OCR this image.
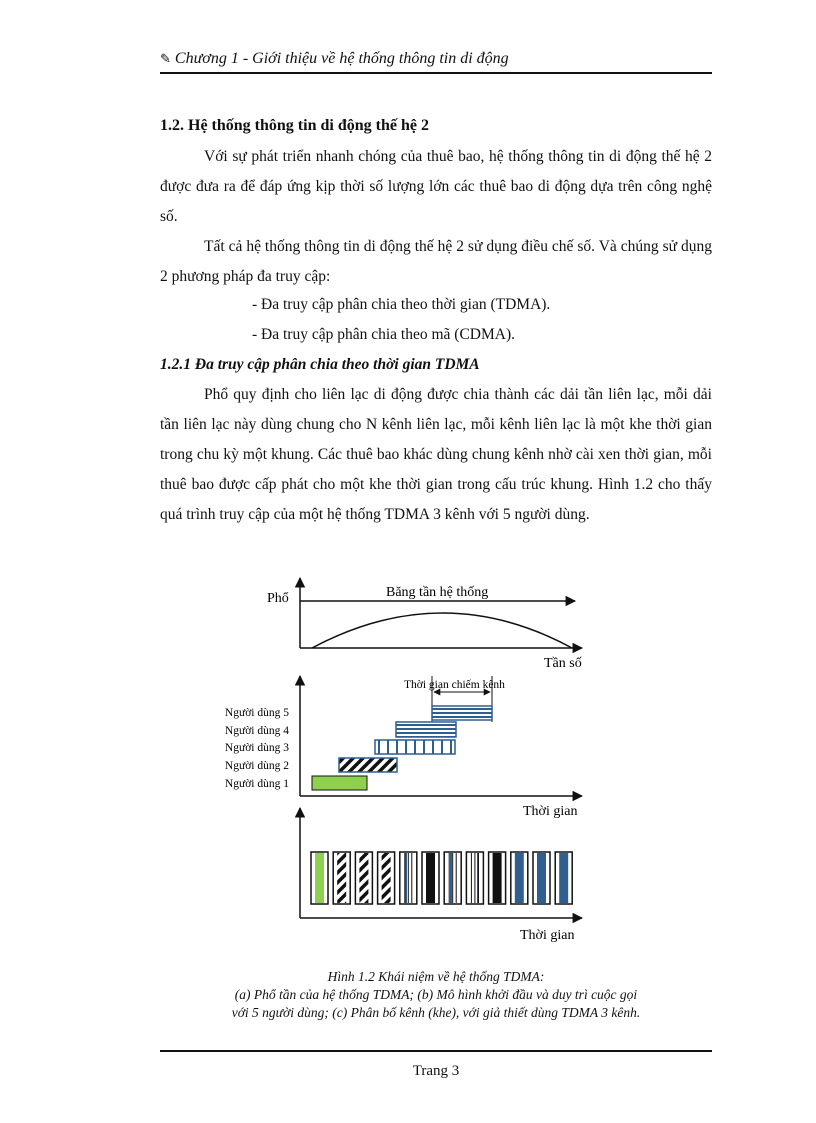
✎ Chương 1 - Giới thiệu về hệ thống thông tin di động
1.2. Hệ thống thông tin di động thế hệ 2
Với sự phát triển nhanh chóng của thuê bao, hệ thống thông tin di động thế hệ 2 được đưa ra để đáp ứng kịp thời số lượng lớn các thuê bao di động dựa trên công nghệ số.
Tất cả hệ thống thông tin di động thế hệ 2 sử dụng điều chế số. Và chúng sử dụng 2 phương pháp đa truy cập:
- Đa truy cập phân chia theo thời gian (TDMA).
- Đa truy cập phân chia theo mã (CDMA).
1.2.1 Đa truy cập phân chia theo thời gian TDMA
Phổ quy định cho liên lạc di động được chia thành các dải tần liên lạc, mỗi dải tần liên lạc này dùng chung cho N kênh liên lạc, mỗi kênh liên lạc là một khe thời gian trong chu kỳ một khung. Các thuê bao khác dùng chung kênh nhờ cài xen thời gian, mỗi thuê bao được cấp phát cho một khe thời gian trong cấu trúc khung. Hình 1.2 cho thấy quá trình truy cập của một hệ thống TDMA 3 kênh với 5 người dùng.
Phổ	Băng tần hệ thống
Tần số
Thời gian chiếm kênh
Người dùng 5
Người dùng 4
Người dùng 3
Người dùng 2
Người dùng 1
Thời gian
Thời gian
Hình 1.2 Khái niệm về hệ thống TDMA:
(a) Phổ tần của hệ thống TDMA; (b) Mô hình khởi đầu và duy trì cuộc gọi
với 5 người dùng; (c) Phân bố kênh (khe), với giả thiết dùng TDMA 3 kênh.
Trang 3
